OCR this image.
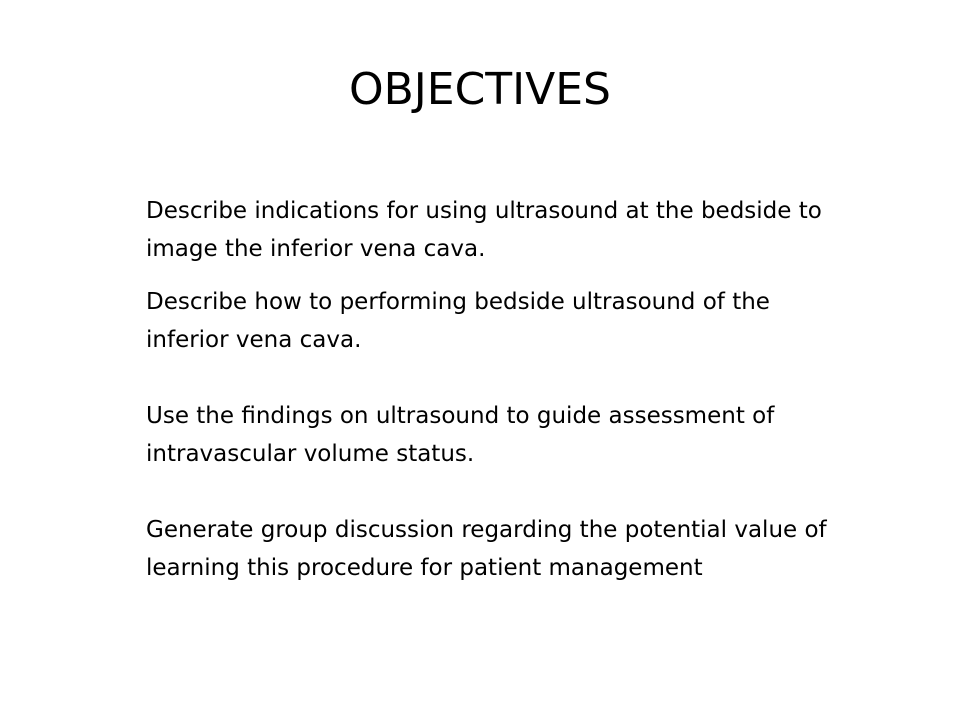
OBJECTIVES
Describe indications for using ultrasound at the bedside to image the inferior vena cava.
Describe how to performing bedside ultrasound of the inferior vena cava.
Use the findings on ultrasound to guide assessment of intravascular volume status.
Generate group discussion regarding the potential value of learning this procedure for patient management
